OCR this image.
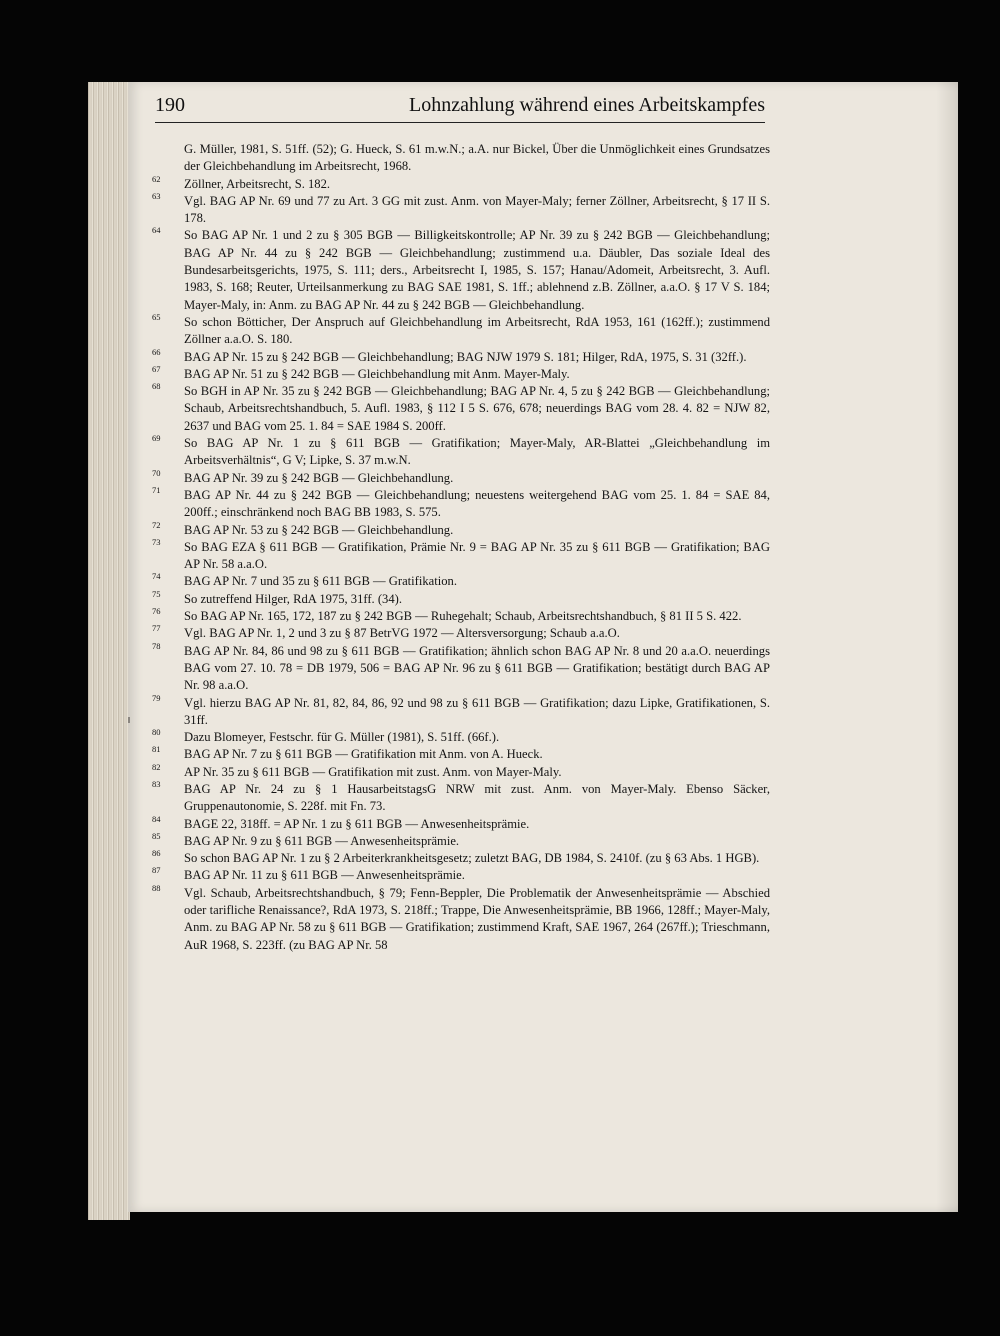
190	Lohnzahlung während eines Arbeitskampfes
G. Müller, 1981, S. 51ff. (52); G. Hueck, S. 61 m.w.N.; a.A. nur Bickel, Über die Unmöglichkeit eines Grundsatzes der Gleichbehandlung im Arbeitsrecht, 1968.
62 Zöllner, Arbeitsrecht, S. 182.
63 Vgl. BAG AP Nr. 69 und 77 zu Art. 3 GG mit zust. Anm. von Mayer-Maly; ferner Zöllner, Arbeitsrecht, § 17 II S. 178.
64 So BAG AP Nr. 1 und 2 zu § 305 BGB — Billigkeitskontrolle; AP Nr. 39 zu § 242 BGB — Gleichbehandlung; BAG AP Nr. 44 zu § 242 BGB — Gleichbehandlung; zustimmend u.a. Däubler, Das soziale Ideal des Bundesarbeitsgerichts, 1975, S. 111; ders., Arbeitsrecht I, 1985, S. 157; Hanau/Adomeit, Arbeitsrecht, 3. Aufl. 1983, S. 168; Reuter, Urteilsanmerkung zu BAG SAE 1981, S. 1ff.; ablehnend z.B. Zöllner, a.a.O. § 17 V S. 184; Mayer-Maly, in: Anm. zu BAG AP Nr. 44 zu § 242 BGB — Gleichbehandlung.
65 So schon Bötticher, Der Anspruch auf Gleichbehandlung im Arbeitsrecht, RdA 1953, 161 (162ff.); zustimmend Zöllner a.a.O. S. 180.
66 BAG AP Nr. 15 zu § 242 BGB — Gleichbehandlung; BAG NJW 1979 S. 181; Hilger, RdA, 1975, S. 31 (32ff.).
67 BAG AP Nr. 51 zu § 242 BGB — Gleichbehandlung mit Anm. Mayer-Maly.
68 So BGH in AP Nr. 35 zu § 242 BGB — Gleichbehandlung; BAG AP Nr. 4, 5 zu § 242 BGB — Gleichbehandlung; Schaub, Arbeitsrechtshandbuch, 5. Aufl. 1983, § 112 I 5 S. 676, 678; neuerdings BAG vom 28. 4. 82 = NJW 82, 2637 und BAG vom 25. 1. 84 = SAE 1984 S. 200ff.
69 So BAG AP Nr. 1 zu § 611 BGB — Gratifikation; Mayer-Maly, AR-Blattei „Gleichbehandlung im Arbeitsverhältnis“, G V; Lipke, S. 37 m.w.N.
70 BAG AP Nr. 39 zu § 242 BGB — Gleichbehandlung.
71 BAG AP Nr. 44 zu § 242 BGB — Gleichbehandlung; neuestens weitergehend BAG vom 25. 1. 84 = SAE 84, 200ff.; einschränkend noch BAG BB 1983, S. 575.
72 BAG AP Nr. 53 zu § 242 BGB — Gleichbehandlung.
73 So BAG EZA § 611 BGB — Gratifikation, Prämie Nr. 9 = BAG AP Nr. 35 zu § 611 BGB — Gratifikation; BAG AP Nr. 58 a.a.O.
74 BAG AP Nr. 7 und 35 zu § 611 BGB — Gratifikation.
75 So zutreffend Hilger, RdA 1975, 31ff. (34).
76 So BAG AP Nr. 165, 172, 187 zu § 242 BGB — Ruhegehalt; Schaub, Arbeitsrechtshandbuch, § 81 II 5 S. 422.
77 Vgl. BAG AP Nr. 1, 2 und 3 zu § 87 BetrVG 1972 — Altersversorgung; Schaub a.a.O.
78 BAG AP Nr. 84, 86 und 98 zu § 611 BGB — Gratifikation; ähnlich schon BAG AP Nr. 8 und 20 a.a.O. neuerdings BAG vom 27. 10. 78 = DB 1979, 506 = BAG AP Nr. 96 zu § 611 BGB — Gratifikation; bestätigt durch BAG AP Nr. 98 a.a.O.
79 Vgl. hierzu BAG AP Nr. 81, 82, 84, 86, 92 und 98 zu § 611 BGB — Gratifikation; dazu Lipke, Gratifikationen, S. 31ff.
80 Dazu Blomeyer, Festschr. für G. Müller (1981), S. 51ff. (66f.).
81 BAG AP Nr. 7 zu § 611 BGB — Gratifikation mit Anm. von A. Hueck.
82 AP Nr. 35 zu § 611 BGB — Gratifikation mit zust. Anm. von Mayer-Maly.
83 BAG AP Nr. 24 zu § 1 HausarbeitstagsG NRW mit zust. Anm. von Mayer-Maly. Ebenso Säcker, Gruppenautonomie, S. 228f. mit Fn. 73.
84 BAGE 22, 318ff. = AP Nr. 1 zu § 611 BGB — Anwesenheitsprämie.
85 BAG AP Nr. 9 zu § 611 BGB — Anwesenheitsprämie.
86 So schon BAG AP Nr. 1 zu § 2 Arbeiterkrankheitsgesetz; zuletzt BAG, DB 1984, S. 2410f. (zu § 63 Abs. 1 HGB).
87 BAG AP Nr. 11 zu § 611 BGB — Anwesenheitsprämie.
88 Vgl. Schaub, Arbeitsrechtshandbuch, § 79; Fenn-Beppler, Die Problematik der Anwesenheitsprämie — Abschied oder tarifliche Renaissance?, RdA 1973, S. 218ff.; Trappe, Die Anwesenheitsprämie, BB 1966, 128ff.; Mayer-Maly, Anm. zu BAG AP Nr. 58 zu § 611 BGB — Gratifikation; zustimmend Kraft, SAE 1967, 264 (267ff.); Trieschmann, AuR 1968, S. 223ff. (zu BAG AP Nr. 58
